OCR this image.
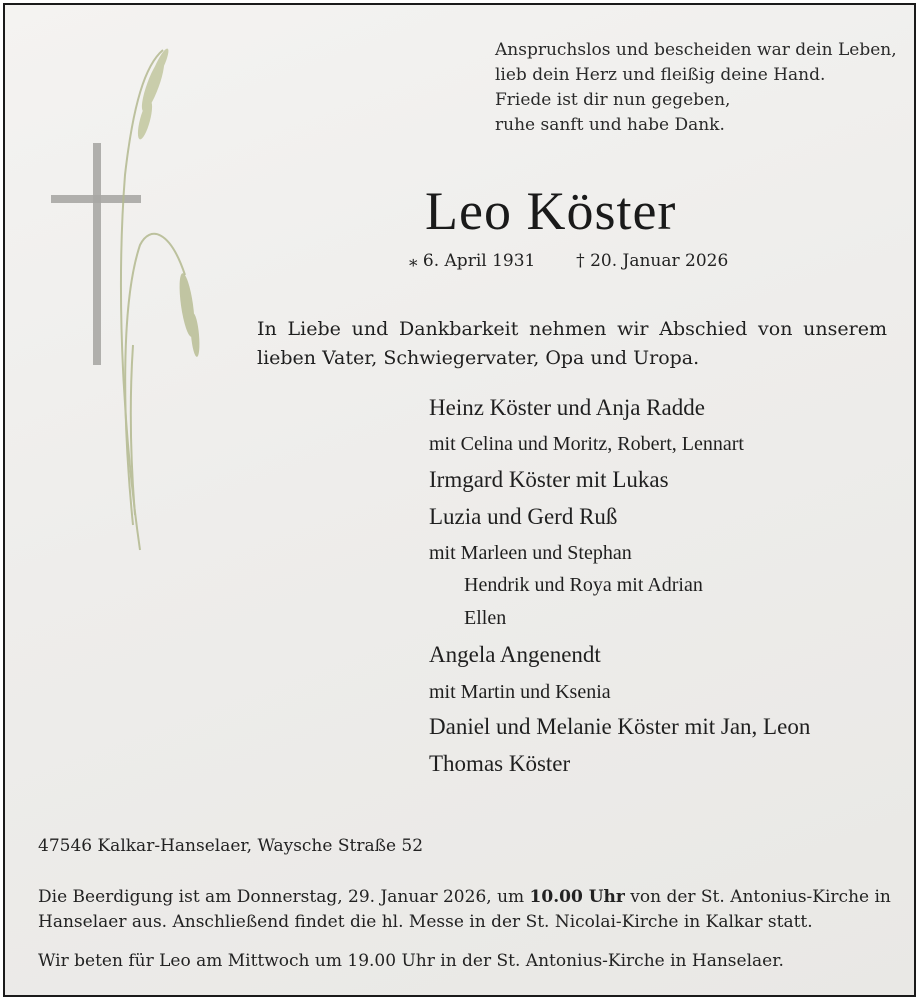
Anspruchslos und bescheiden war dein Leben,
lieb dein Herz und fleißig deine Hand.
Friede ist dir nun gegeben,
ruhe sanft und habe Dank.
Leo Köster
⁎ 6. April 1931 † 20. Januar 2026
In Liebe und Dankbarkeit nehmen wir Abschied von unserem lieben Vater, Schwiegervater, Opa und Uropa.
Heinz Köster und Anja Radde
mit Celina und Moritz, Robert, Lennart
Irmgard Köster mit Lukas
Luzia und Gerd Ruß
mit Marleen und Stephan
Hendrik und Roya mit Adrian
Ellen
Angela Angenendt
mit Martin und Ksenia
Daniel und Melanie Köster mit Jan, Leon
Thomas Köster
47546 Kalkar-Hanselaer, Waysche Straße 52
Die Beerdigung ist am Donnerstag, 29. Januar 2026, um 10.00 Uhr von der St. Antonius-Kirche in Hanselaer aus. Anschließend findet die hl. Messe in der St. Nicolai-Kirche in Kalkar statt.
Wir beten für Leo am Mittwoch um 19.00 Uhr in der St. Antonius-Kirche in Hanselaer.
